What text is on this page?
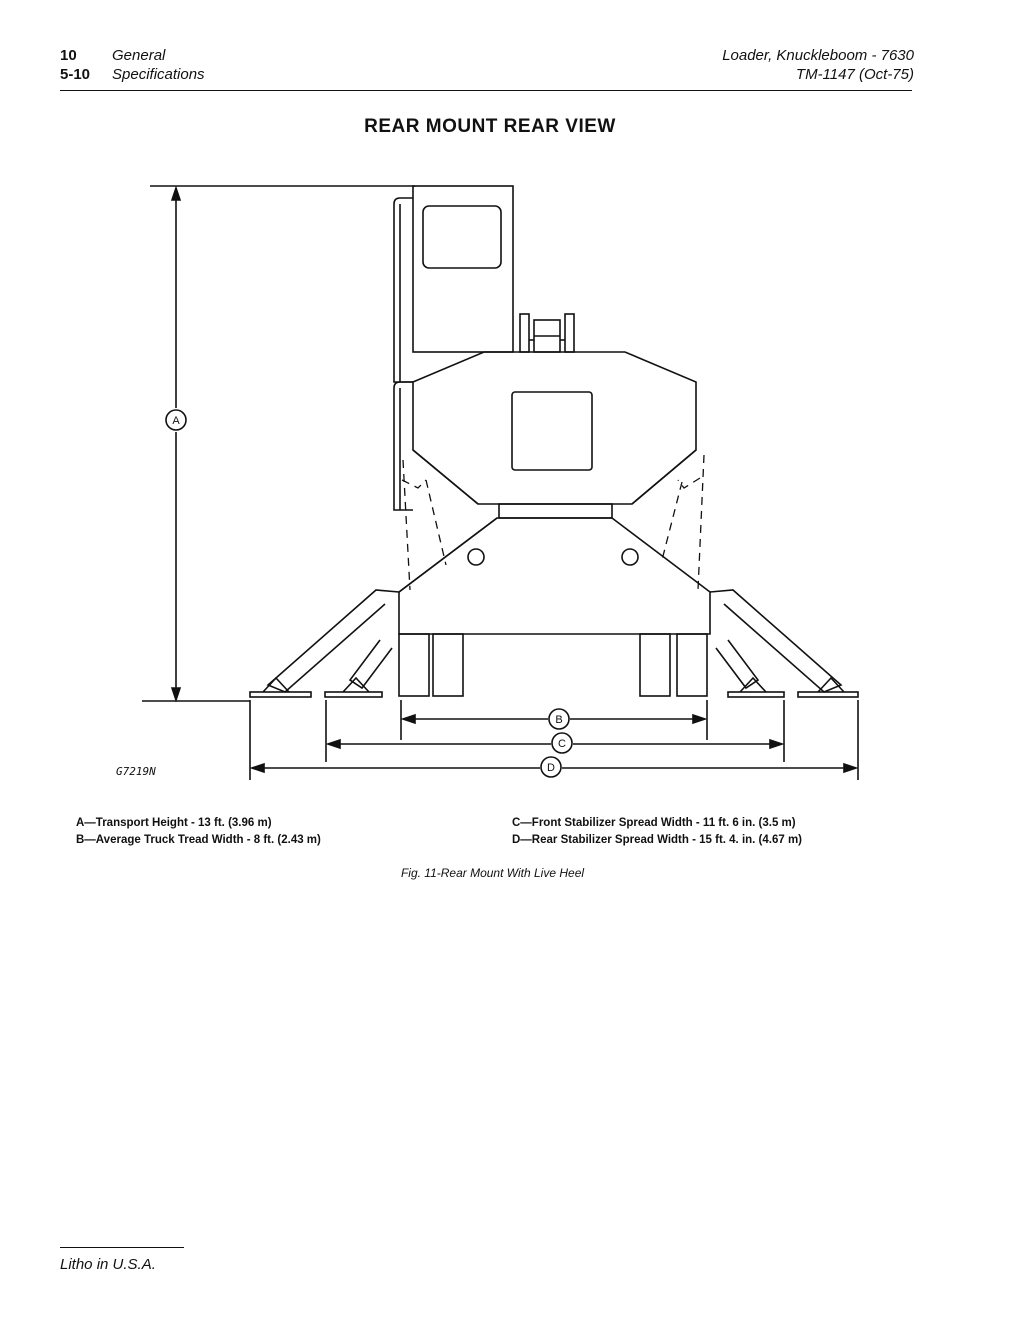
10 General
5-10 Specifications
Loader, Knuckleboom - 7630
TM-1147 (Oct-75)
REAR MOUNT REAR VIEW
A
B
C
D
G7219N
A—Transport Height - 13 ft. (3.96 m)
B—Average Truck Tread Width - 8 ft. (2.43 m)
C—Front Stabilizer Spread Width - 11 ft. 6 in. (3.5 m)
D—Rear Stabilizer Spread Width - 15 ft. 4. in. (4.67 m)
Fig. 11-Rear Mount With Live Heel
Litho in U.S.A.
